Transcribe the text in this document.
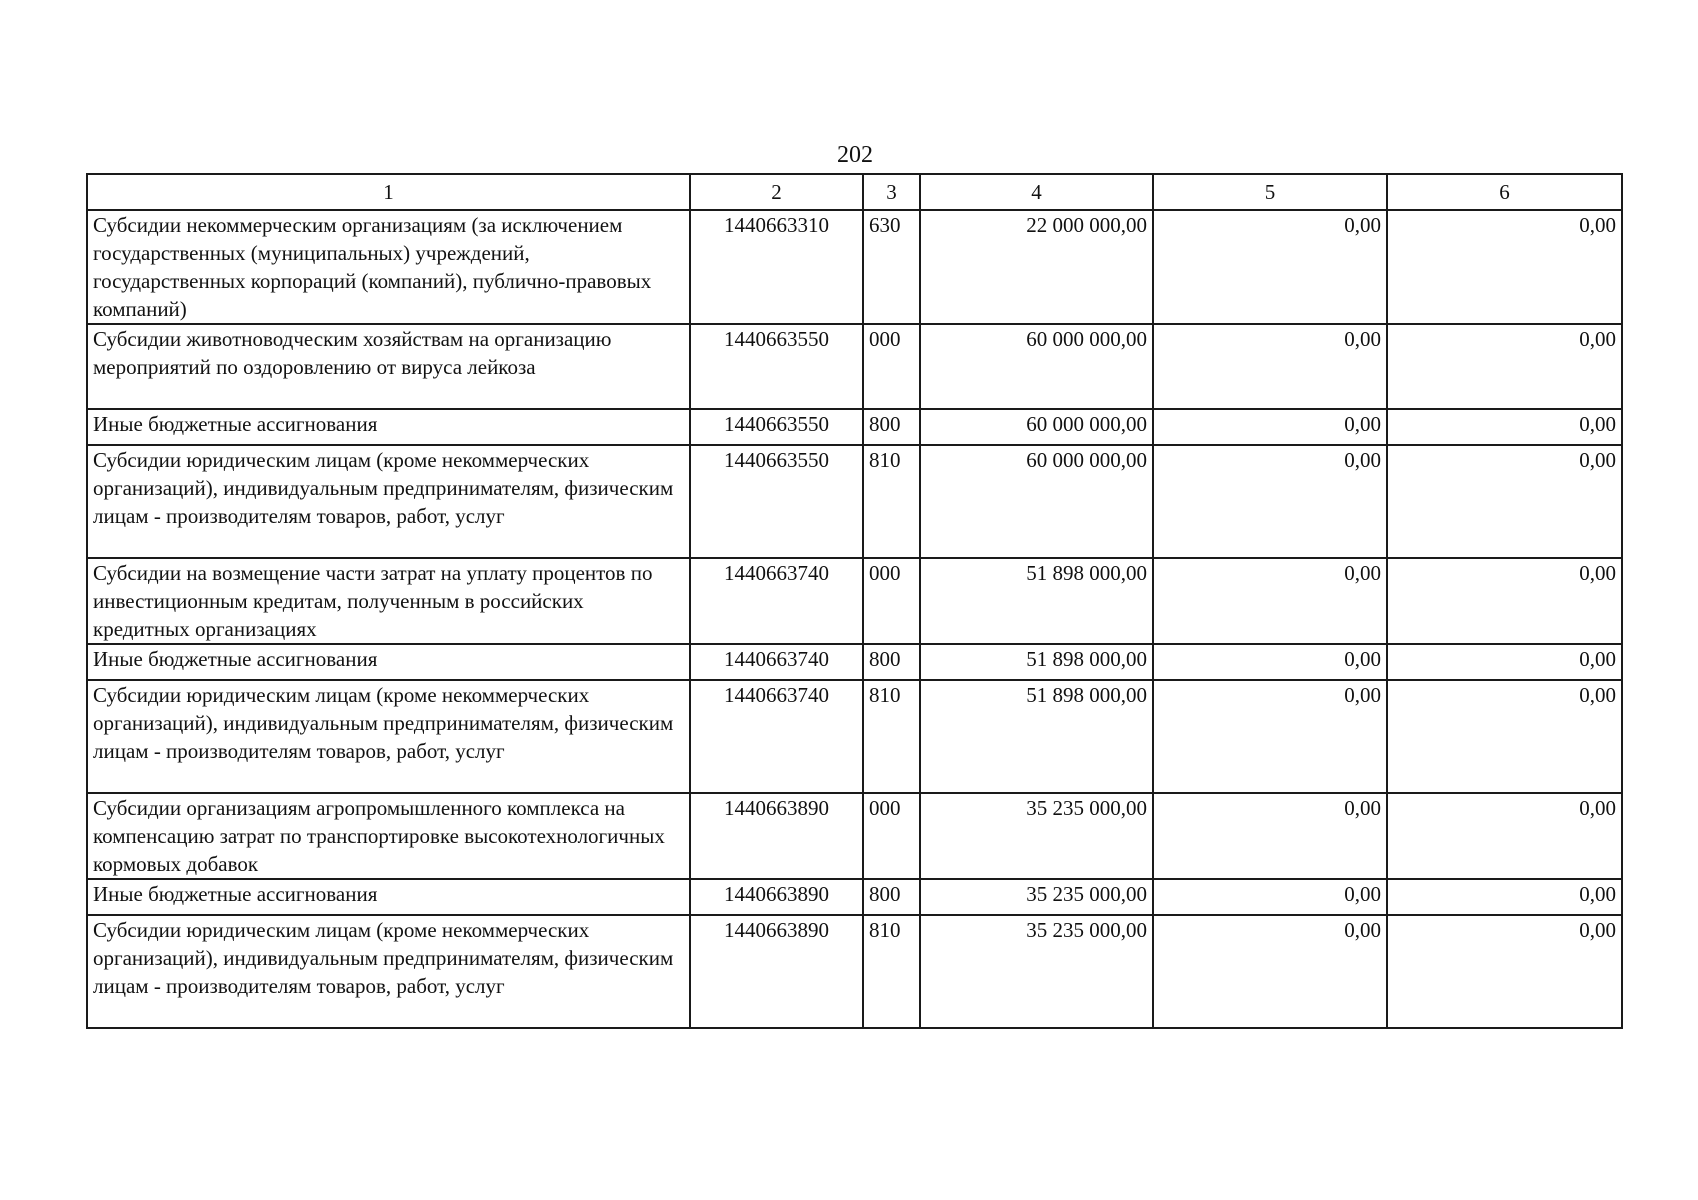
202
1	2	3	4	5	6
Субсидии некоммерческим организациям (за исключением государственных (муниципальных) учреждений, государственных корпораций (компаний), публично-правовых компаний)	1440663310	630	22 000 000,00	0,00	0,00
Субсидии животноводческим хозяйствам на организацию мероприятий по оздоровлению от вируса лейкоза	1440663550	000	60 000 000,00	0,00	0,00
Иные бюджетные ассигнования	1440663550	800	60 000 000,00	0,00	0,00
Субсидии юридическим лицам (кроме некоммерческих организаций), индивидуальным предпринимателям, физическим лицам - производителям товаров, работ, услуг	1440663550	810	60 000 000,00	0,00	0,00
Субсидии на возмещение части затрат на уплату процентов по инвестиционным кредитам, полученным в российских кредитных организациях	1440663740	000	51 898 000,00	0,00	0,00
Иные бюджетные ассигнования	1440663740	800	51 898 000,00	0,00	0,00
Субсидии юридическим лицам (кроме некоммерческих организаций), индивидуальным предпринимателям, физическим лицам - производителям товаров, работ, услуг	1440663740	810	51 898 000,00	0,00	0,00
Субсидии организациям агропромышленного комплекса на компенсацию затрат по транспортировке высокотехнологичных кормовых добавок	1440663890	000	35 235 000,00	0,00	0,00
Иные бюджетные ассигнования	1440663890	800	35 235 000,00	0,00	0,00
Субсидии юридическим лицам (кроме некоммерческих организаций), индивидуальным предпринимателям, физическим лицам - производителям товаров, работ, услуг	1440663890	810	35 235 000,00	0,00	0,00
